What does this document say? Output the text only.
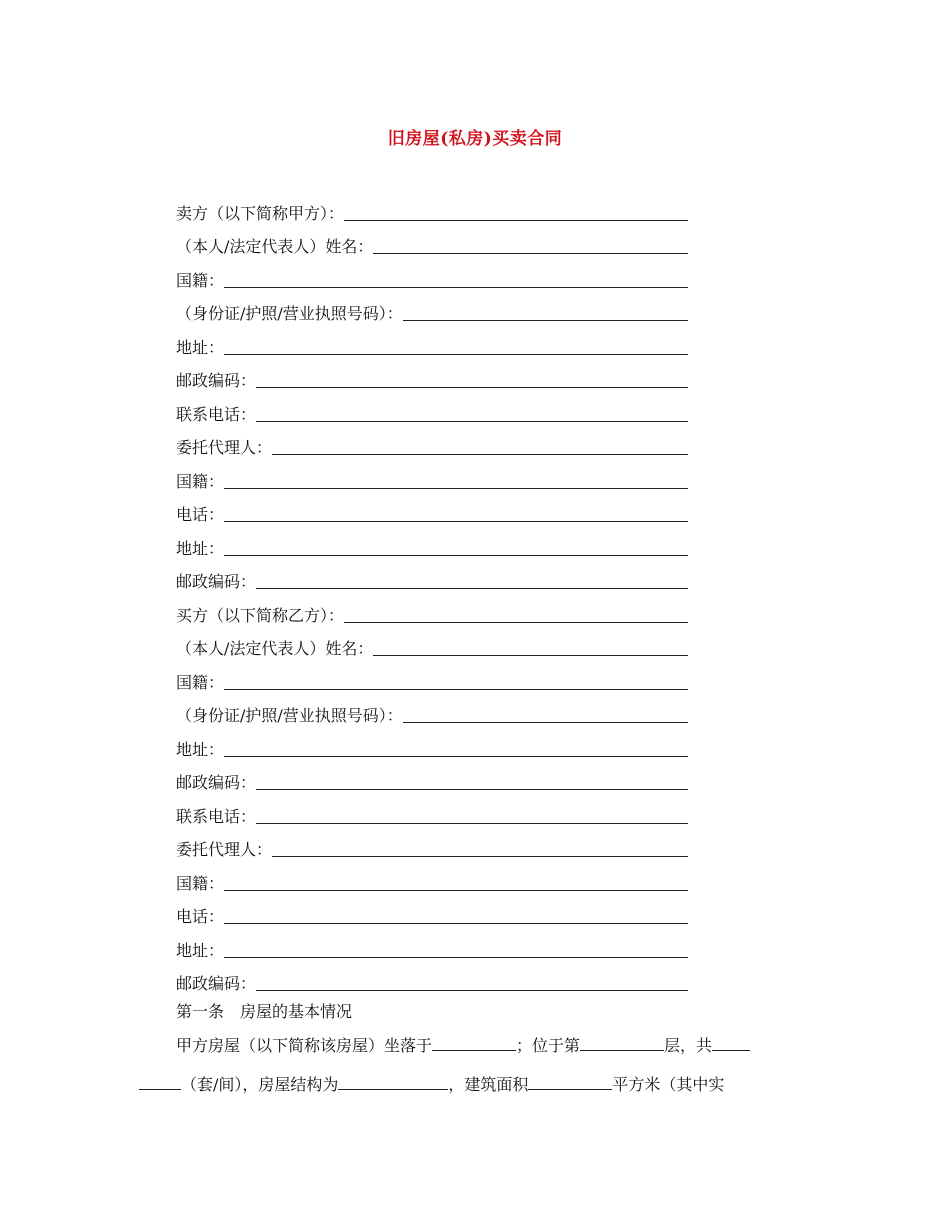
旧房屋(私房)买卖合同
卖方（以下简称甲方）：
（本人/法定代表人）姓名：
国籍：
（身份证/护照/营业执照号码）：
地址：
邮政编码：
联系电话：
委托代理人：
国籍：
电话：
地址：
邮政编码：
买方（以下简称乙方）：
（本人/法定代表人）姓名：
国籍：
（身份证/护照/营业执照号码）：
地址：
邮政编码：
联系电话：
委托代理人：
国籍：
电话：
地址：
邮政编码：
第一条　房屋的基本情况
甲方房屋（以下简称该房屋）坐落于	；位于第	层，共
（套/间），房屋结构为	，建筑面积	平方米（其中实
